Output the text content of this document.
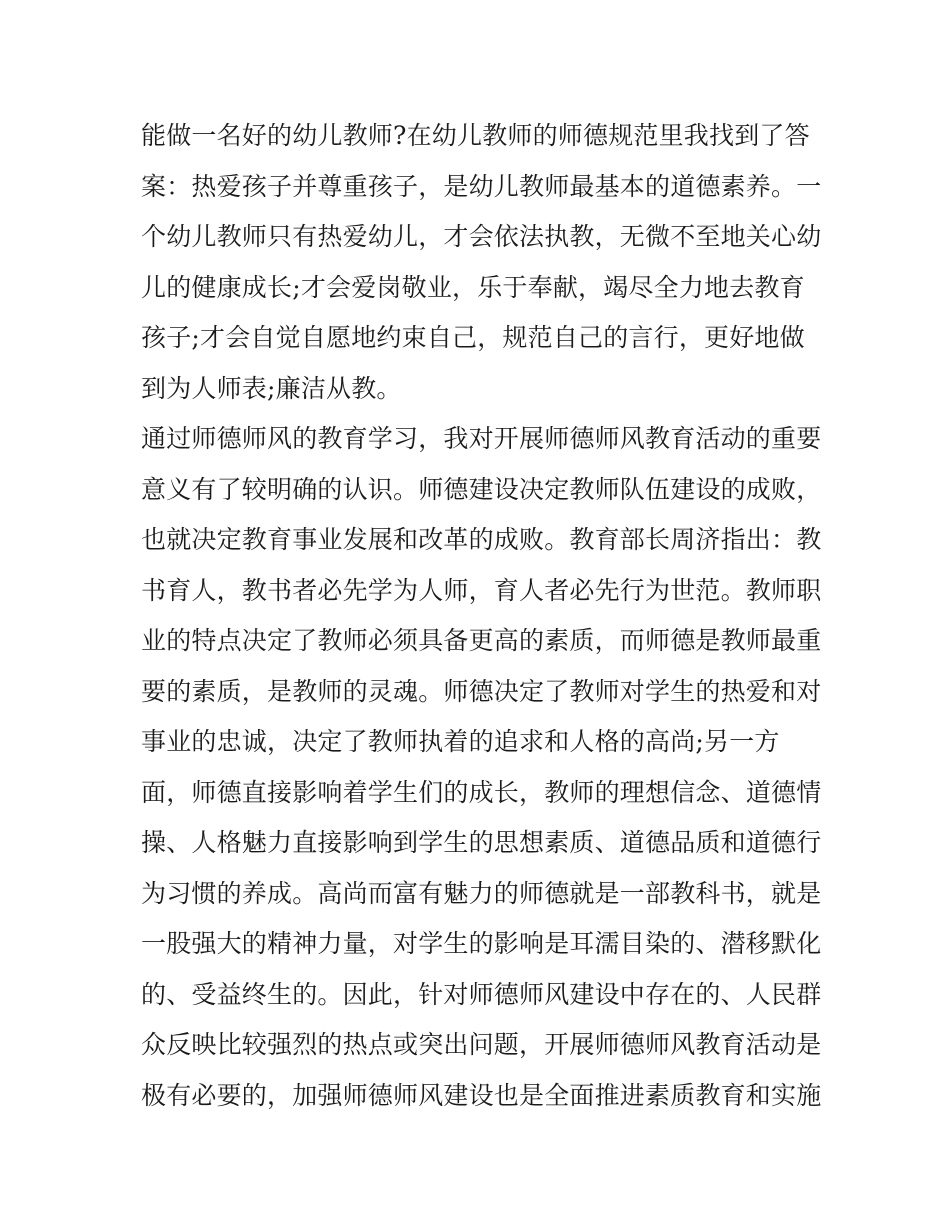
能做一名好的幼儿教师?在幼儿教师的师德规范里我找到了答
案：热爱孩子并尊重孩子，是幼儿教师最基本的道德素养。一
个幼儿教师只有热爱幼儿，才会依法执教，无微不至地关心幼
儿的健康成长;才会爱岗敬业，乐于奉献，竭尽全力地去教育
孩子;才会自觉自愿地约束自己，规范自己的言行，更好地做
到为人师表;廉洁从教。
通过师德师风的教育学习，我对开展师德师风教育活动的重要
意义有了较明确的认识。师德建设决定教师队伍建设的成败，
也就决定教育事业发展和改革的成败。教育部长周济指出：教
书育人，教书者必先学为人师，育人者必先行为世范。教师职
业的特点决定了教师必须具备更高的素质，而师德是教师最重
要的素质，是教师的灵魂。师德决定了教师对学生的热爱和对
事业的忠诚，决定了教师执着的追求和人格的高尚;另一方
面，师德直接影响着学生们的成长，教师的理想信念、道德情
操、人格魅力直接影响到学生的思想素质、道德品质和道德行
为习惯的养成。高尚而富有魅力的师德就是一部教科书，就是
一股强大的精神力量，对学生的影响是耳濡目染的、潜移默化
的、受益终生的。因此，针对师德师风建设中存在的、人民群
众反映比较强烈的热点或突出问题，开展师德师风教育活动是
极有必要的，加强师德师风建设也是全面推进素质教育和实施
